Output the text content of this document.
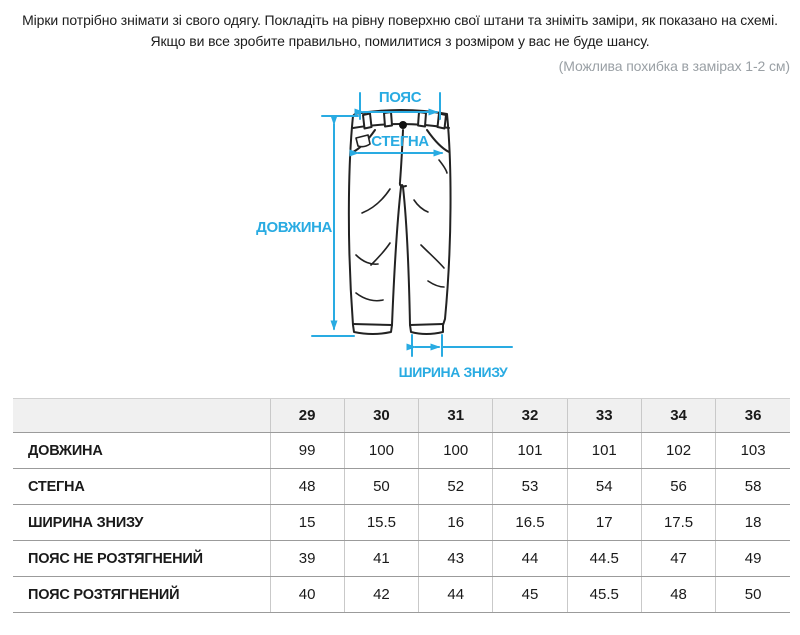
Мірки потрібно знімати зі свого одягу. Покладіть на рівну поверхню свої штани та зніміть заміри, як показано на схемі.

Якщо ви все зробите правильно, помилитися з розміром у вас не буде шансу.

(Можлива похибка в замірах 1-2 см)
ПОЯС
СТЕГНА
ДОВЖИНА
ШИРИНА ЗНИЗУ
	29	30	31	32	33	34	36
ДОВЖИНА	99	100	100	101	101	102	103
СТЕГНА	48	50	52	53	54	56	58
ШИРИНА ЗНИЗУ	15	15.5	16	16.5	17	17.5	18
ПОЯС НЕ РОЗТЯГНЕНИЙ	39	41	43	44	44.5	47	49
ПОЯС РОЗТЯГНЕНИЙ	40	42	44	45	45.5	48	50
